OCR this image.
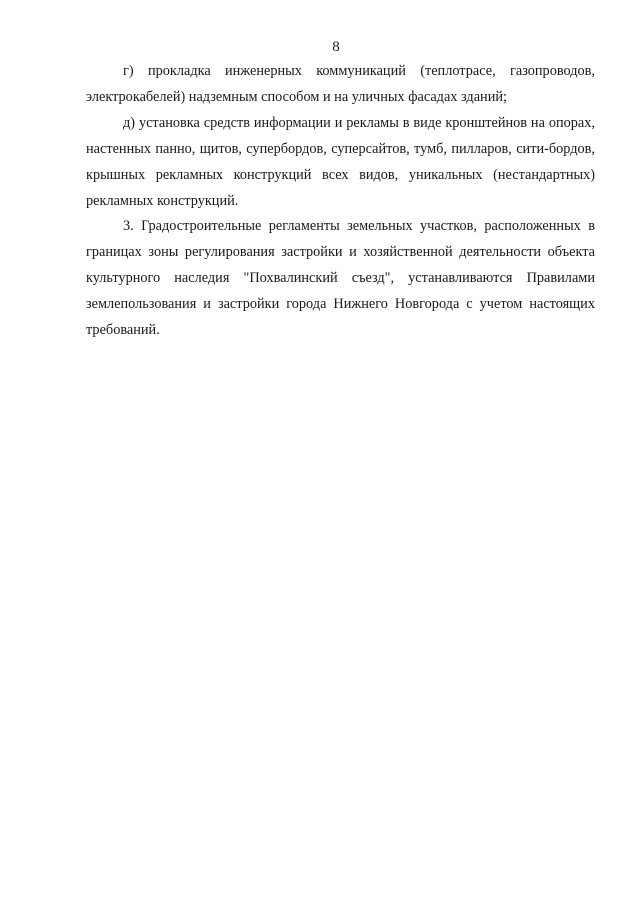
8

г) прокладка инженерных коммуникаций (теплотрасе, газопроводов, электрокабелей) надземным способом и на уличных фасадах зданий;

д) установка средств информации и рекламы в виде кронштейнов на опорах, настенных панно, щитов, супербордов, суперсайтов, тумб, пилларов, сити-бордов, крышных рекламных конструкций всех видов, уникальных (нестандартных) рекламных конструкций.

3. Градостроительные регламенты земельных участков, расположенных в границах зоны регулирования застройки и хозяйственной деятельности объекта культурного наследия "Похвалинский съезд", устанавливаются Правилами землепользования и застройки города Нижнего Новгорода с учетом настоящих требований.
